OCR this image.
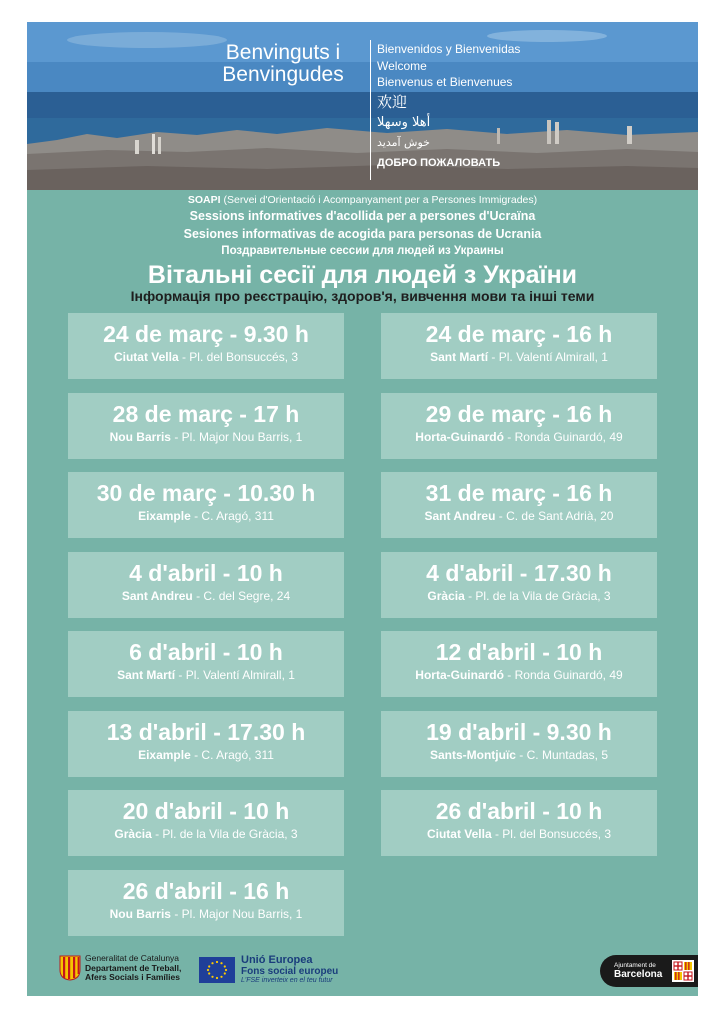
Benvinguts i
Benvingudes
Bienvenidos y Bienvenidas
Welcome
Bienvenus et Bienvenues
欢迎
أهلا وسهلا
خوش آمدید
ДОБРО ПОЖАЛОВАТЬ
SOAPI (Servei d'Orientació i Acompanyament per a Persones Immigrades)
Sessions informatives d'acollida per a persones d'Ucraïna
Sesiones informativas de acogida para personas de Ucrania
Поздравительные сессии для людей из Украины
Вітальні сесії для людей з України
Інформація про реєстрацію, здоров'я, вивчення мови та інші теми
24 de març - 9.30 h
Ciutat Vella - Pl. del Bonsuccés, 3
24 de març - 16 h
Sant Martí - Pl. Valentí Almirall, 1
28 de març - 17 h
Nou Barris - Pl. Major Nou Barris, 1
29 de març - 16 h
Horta-Guinardó - Ronda Guinardó, 49
30 de març - 10.30 h
Eixample - C. Aragó, 311
31 de març - 16 h
Sant Andreu - C. de Sant Adrià, 20
4 d'abril - 10 h
Sant Andreu - C. del Segre, 24
4 d'abril - 17.30 h
Gràcia - Pl. de la Vila de Gràcia, 3
6 d'abril - 10 h
Sant Martí - Pl. Valentí Almirall, 1
12 d'abril - 10 h
Horta-Guinardó - Ronda Guinardó, 49
13 d'abril - 17.30 h
Eixample - C. Aragó, 311
19 d'abril - 9.30 h
Sants-Montjuïc - C. Muntadas, 5
20 d'abril - 10 h
Gràcia - Pl. de la Vila de Gràcia, 3
26 d'abril - 10 h
Ciutat Vella - Pl. del Bonsuccés, 3
26 d'abril - 16 h
Nou Barris - Pl. Major Nou Barris, 1
Generalitat de Catalunya
Departament de Treball,
Afers Socials i Famílies
Unió Europea
Fons social europeu
L'FSE inverteix en el teu futur
Ajuntament de
Barcelona
